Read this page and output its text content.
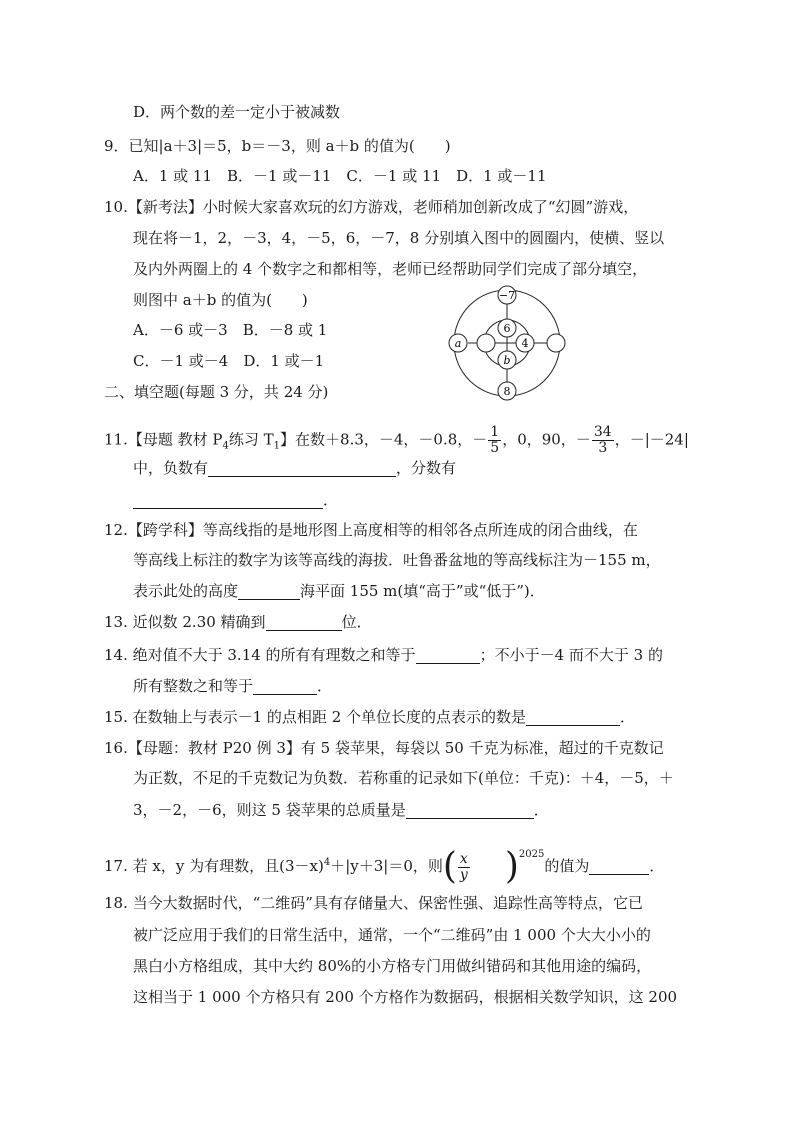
D．两个数的差一定小于被减数
9．已知|a＋3|＝5，b＝－3，则 a＋b 的值为(　　)
A．1 或 11　B．－1 或－11　C．－1 或 11　D．1 或－11
10.【新考法】小时候大家喜欢玩的幻方游戏，老师稍加创新改成了“幻圆”游戏，
现在将－1，2，－3，4，－5，6，－7，8 分别填入图中的圆圈内，使横、竖以
及内外两圈上的 4 个数字之和都相等，老师已经帮助同学们完成了部分填空，
则图中 a＋b 的值为(　　)
A．－6 或－3　B．－8 或 1
C．－1 或－4　D．1 或－1
−7
6
4
b
a
8
二、填空题(每题 3 分，共 24 分)
11.【母题 教材 $P_4$练习 $T_1$】在数＋8.3，－4，－0.8，－ $\frac{1}{5}$ ，0，90，－ $\frac{34}{3}$ ，－|－24|
中，负数有	，分数有
．
12.【跨学科】等高线指的是地形图上高度相等的相邻各点所连成的闭合曲线，在
等高线上标注的数字为该等高线的海拔．吐鲁番盆地的等高线标注为－155 m，
表示此处的高度	海平面 155 m(填“高于”或“低于”)．
13. 近似数 2.30 精确到	位．
14. 绝对值不大于 3.14 的所有有理数之和等于	；不小于－4 而不大于 3 的
所有整数之和等于	．
15. 在数轴上与表示－1 的点相距 2 个单位长度的点表示的数是	．
16.【母题：教材 P20 例 3】有 5 袋苹果，每袋以 50 千克为标准，超过的千克数记
为正数，不足的千克数记为负数．若称重的记录如下(单位：千克)：＋4，－5，＋
3，－2，－6，则这 5 袋苹果的总质量是	．
17. 若 x，y 为有理数，且$(3-x)^4+|y+3|=0$，则( $\frac{x}{y} )^{2025}$的值为	．
18. 当今大数据时代，“二维码”具有存储量大、保密性强、追踪性高等特点，它已
被广泛应用于我们的日常生活中，通常，一个“二维码”由 1 000 个大大小小的
黑白小方格组成，其中大约 80%的小方格专门用做纠错码和其他用途的编码，
这相当于 1 000 个方格只有 200 个方格作为数据码，根据相关数学知识，这 200
